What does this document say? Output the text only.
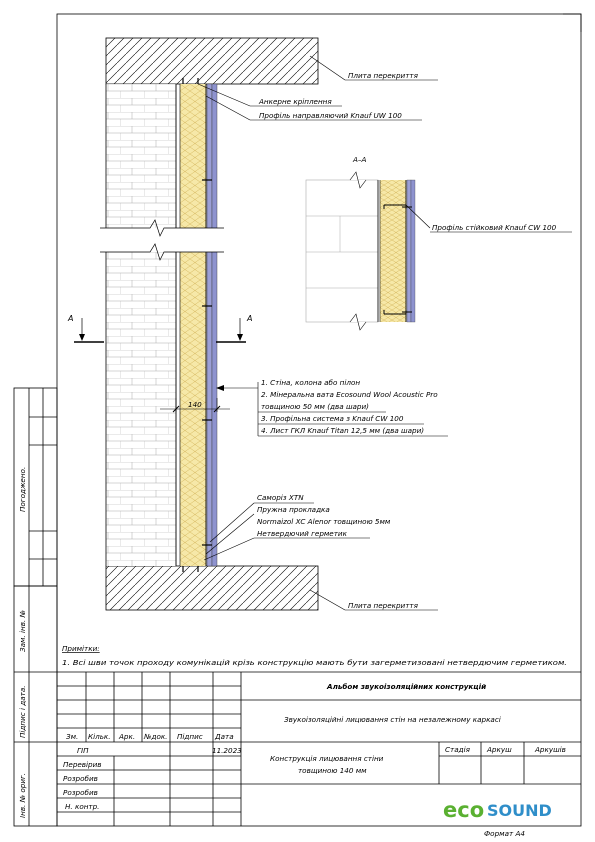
А	А
140
Плита перекриття
Плита перекриття
Анкерне кріплення
Профіль направляючий Knauf UW 100
1. Стіна, колона або пілон
2. Мінеральна вата Ecosound Wool Acoustic Pro
товщиною 50 мм (два шари)
3. Профільна система з Knauf CW 100
4. Лист ГКЛ Knauf Titan 12,5 мм (два шари)
Саморіз XTN
Пружна прокладка
Normaizol XC Alenor товщиною 5мм
Нетвердючий герметик
А–А
Профіль стійковий Knauf CW 100
Примітки:
1. Всі шви точок проходу комунікацій крізь конструкцію мають бути загерметизовані нетвердючим герметиком.
Погоджено.
Зам. інв. №
Підпис і дата.
Інв. № ориг.
Альбом звукоізоляційних конструкцій
Звукоізоляційні лицювання стін на незалежному каркасі
Конструкція лицювання стіни
товщиною 140 мм
Зм. Кільк. Арк. №док. Підпис Дата
11.2023
ГІП
Перевірив
Розробив
Розробив
Н. контр.
Стадія Аркуш	Аркушів
eco SOUND
Формат А4
